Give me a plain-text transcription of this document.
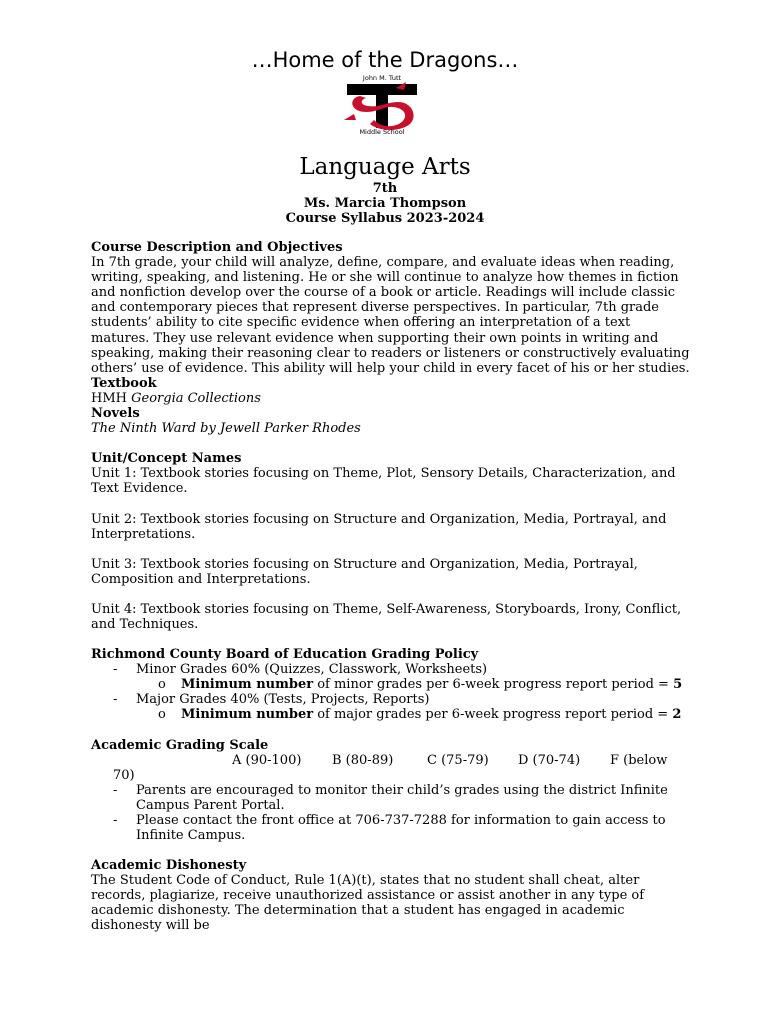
…Home of the Dragons…
John M. Tutt
Middle School
Language Arts
7th
Ms. Marcia Thompson
Course Syllabus 2023-2024

Course Description and Objectives

In 7th grade, your child will analyze, define, compare, and evaluate ideas when reading, writing, speaking, and listening. He or she will continue to analyze how themes in fiction and nonfiction develop over the course of a book or article. Readings will include classic and contemporary pieces that represent diverse perspectives. In particular, 7th grade students’ ability to cite specific evidence when offering an interpretation of a text matures. They use relevant evidence when supporting their own points in writing and speaking, making their reasoning clear to readers or listeners or constructively evaluating others’ use of evidence. This ability will help your child in every facet of his or her studies.

Textbook

HMH Georgia Collections

Novels

The Ninth Ward by Jewell Parker Rhodes

Unit/Concept Names

Unit 1: Textbook stories focusing on Theme, Plot, Sensory Details, Characterization, and Text Evidence.

Unit 2: Textbook stories focusing on Structure and Organization, Media, Portrayal, and Interpretations.

Unit 3: Textbook stories focusing on Structure and Organization, Media, Portrayal, Composition and Interpretations.

Unit 4: Textbook stories focusing on Theme, Self-Awareness, Storyboards, Irony, Conflict, and Techniques.

Richmond County Board of Education Grading Policy

- Minor Grades 60% (Quizzes, Classwork, Worksheets)
o Minimum number of minor grades per 6-week progress report period = 5
- Major Grades 40% (Tests, Projects, Reports)
o Minimum number of major grades per 6-week progress report period = 2

Academic Grading Scale

A (90-100) B (80-89)	C (75-79) D (70-74) F (below

70)

- Parents are encouraged to monitor their child’s grades using the district Infinite Campus Parent Portal.
- Please contact the front office at 706-737-7288 for information to gain access to Infinite Campus.

Academic Dishonesty

The Student Code of Conduct, Rule 1(A)(t), states that no student shall cheat, alter records, plagiarize, receive unauthorized assistance or assist another in any type of academic dishonesty. The determination that a student has engaged in academic dishonesty will be
